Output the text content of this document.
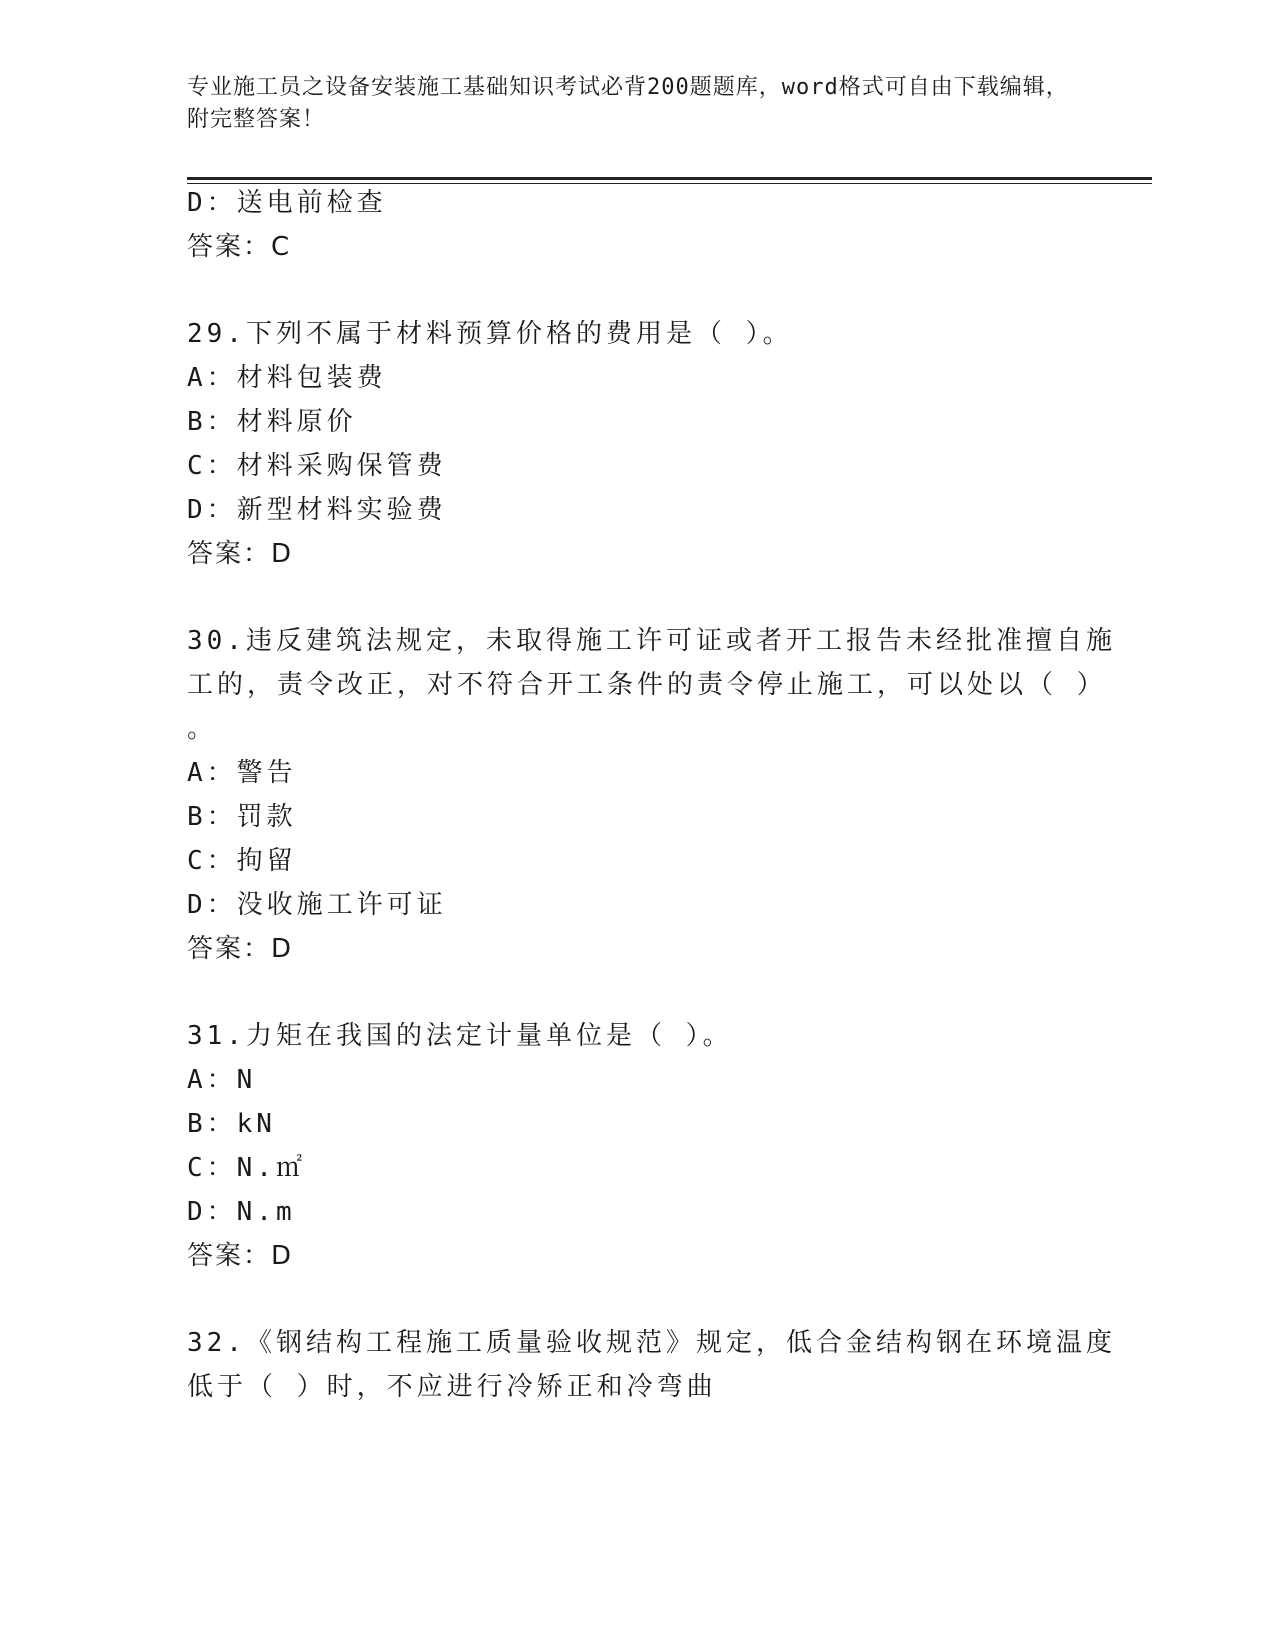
专业施工员之设备安装施工基础知识考试必背200题题库，word格式可自由下载编辑，附完整答案！
D：送电前检查
答案：C
29.下列不属于材料预算价格的费用是（ ）。
A：材料包装费
B：材料原价
C：材料采购保管费
D：新型材料实验费
答案：D
30.违反建筑法规定，未取得施工许可证或者开工报告未经批准擅自施
工的，责令改正，对不符合开工条件的责令停止施工，可以处以（ ）
。
A：警告
B：罚款
C：拘留
D：没收施工许可证
答案：D
31.力矩在我国的法定计量单位是（ ）。
A：N
B：kN
C：N.㎡
D：N.m
答案：D
32.《钢结构工程施工质量验收规范》规定，低合金结构钢在环境温度
低于（ ）时，不应进行冷矫正和冷弯曲
